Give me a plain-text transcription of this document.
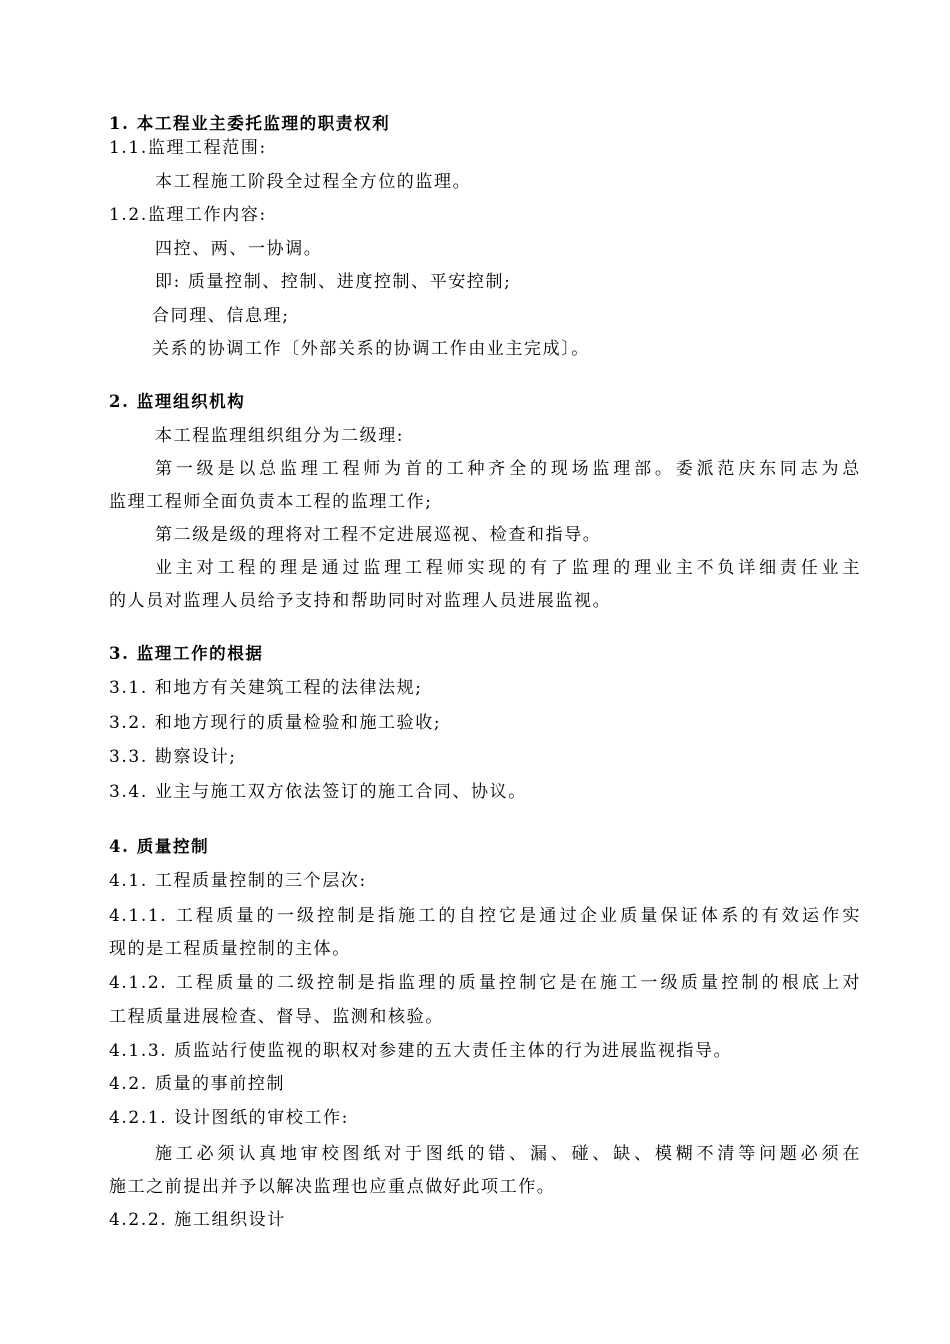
1. 本工程业主委托监理的职责权利
1.1.监理工程范围:
本工程施工阶段全过程全方位的监理。
1.2.监理工作内容:
四控、两、一协调。
即: 质量控制、控制、进度控制、平安控制;
合同理、信息理;
关系的协调工作〔外部关系的协调工作由业主完成〕。
2. 监理组织机构
本工程监理组织组分为二级理:
第一级是以总监理工程师为首的工种齐全的现场监理部。委派范庆东同志为总
监理工程师全面负责本工程的监理工作;
第二级是级的理将对工程不定进展巡视、检查和指导。
业主对工程的理是通过监理工程师实现的有了监理的理业主不负详细责任业主
的人员对监理人员给予支持和帮助同时对监理人员进展监视。
3. 监理工作的根据
3.1. 和地方有关建筑工程的法律法规;
3.2. 和地方现行的质量检验和施工验收;
3.3. 勘察设计;
3.4. 业主与施工双方依法签订的施工合同、协议。
4. 质量控制
4.1. 工程质量控制的三个层次:
4.1.1. 工程质量的一级控制是指施工的自控它是通过企业质量保证体系的有效运作实
现的是工程质量控制的主体。
4.1.2. 工程质量的二级控制是指监理的质量控制它是在施工一级质量控制的根底上对
工程质量进展检查、督导、监测和核验。
4.1.3. 质监站行使监视的职权对参建的五大责任主体的行为进展监视指导。
4.2. 质量的事前控制
4.2.1. 设计图纸的审校工作:
施工必须认真地审校图纸对于图纸的错、漏、碰、缺、模糊不清等问题必须在
施工之前提出并予以解决监理也应重点做好此项工作。
4.2.2. 施工组织设计
